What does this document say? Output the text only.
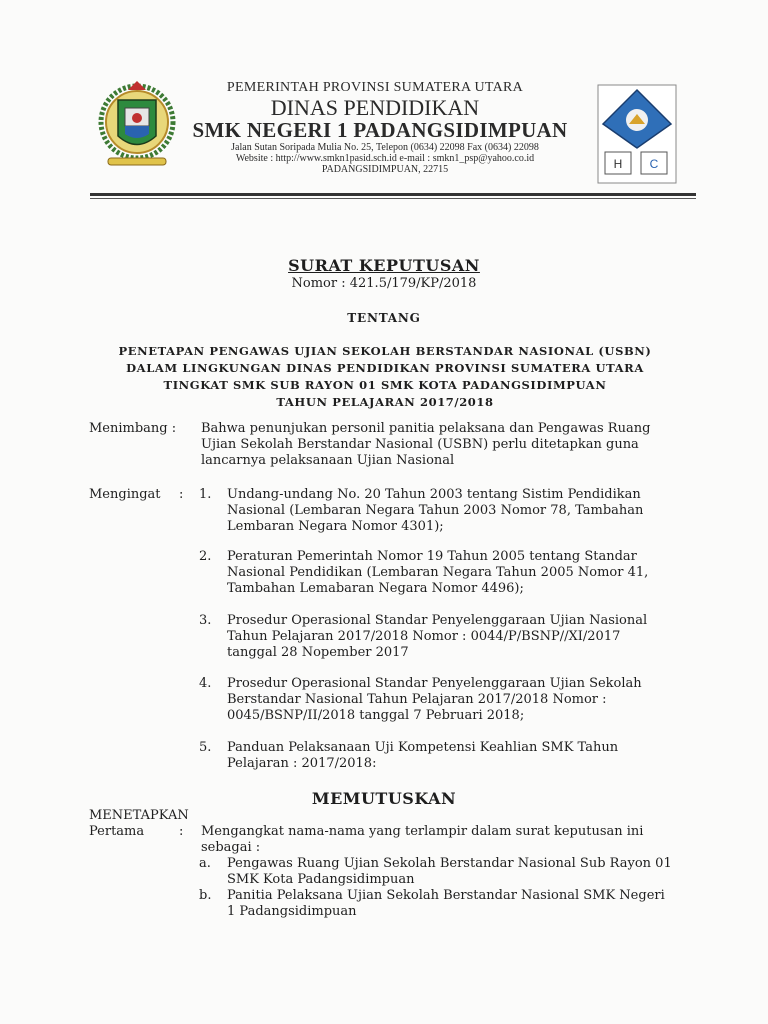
H C
PEMERINTAH PROVINSI SUMATERA UTARA
DINAS PENDIDIKAN
SMK NEGERI 1 PADANGSIDIMPUAN
Jalan Sutan Soripada Mulia No. 25, Telepon (0634) 22098 Fax (0634) 22098
Website : http://www.smkn1pasid.sch.id e-mail : smkn1_psp@yahoo.co.id
PADANGSIDIMPUAN, 22715
SURAT KEPUTUSAN
Nomor : 421.5/179/KP/2018
TENTANG
PENETAPAN PENGAWAS UJIAN SEKOLAH BERSTANDAR NASIONAL (USBN)
DALAM LINGKUNGAN DINAS PENDIDIKAN PROVINSI SUMATERA UTARA
TINGKAT SMK SUB RAYON 01 SMK KOTA PADANGSIDIMPUAN
TAHUN PELAJARAN 2017/2018
Menimbang : Bahwa penunjukan personil panitia pelaksana dan Pengawas Ruang
Ujian Sekolah Berstandar Nasional (USBN) perlu ditetapkan guna
lancarnya pelaksanaan Ujian Nasional
Mengingat : 1. Undang-undang No. 20 Tahun 2003 tentang Sistim Pendidikan
Nasional (Lembaran Negara Tahun 2003 Nomor 78, Tambahan
Lembaran Negara Nomor 4301);
2. Peraturan Pemerintah Nomor 19 Tahun 2005 tentang Standar
Nasional Pendidikan (Lembaran Negara Tahun 2005 Nomor 41,
Tambahan Lemabaran Negara Nomor 4496);
3. Prosedur Operasional Standar Penyelenggaraan Ujian Nasional
Tahun Pelajaran 2017/2018 Nomor : 0044/P/BSNP//XI/2017
tanggal 28 Nopember 2017
4. Prosedur Operasional Standar Penyelenggaraan Ujian Sekolah
Berstandar Nasional Tahun Pelajaran 2017/2018 Nomor :
0045/BSNP/II/2018 tanggal 7 Pebruari 2018;
5. Panduan Pelaksanaan Uji Kompetensi Keahlian SMK Tahun
Pelajaran : 2017/2018:
MEMUTUSKAN
MENETAPKAN
Pertama	: Mengangkat nama-nama yang terlampir dalam surat keputusan ini
sebagai :
a. Pengawas Ruang Ujian Sekolah Berstandar Nasional Sub Rayon 01
SMK Kota Padangsidimpuan
b. Panitia Pelaksana Ujian Sekolah Berstandar Nasional SMK Negeri
1 Padangsidimpuan
